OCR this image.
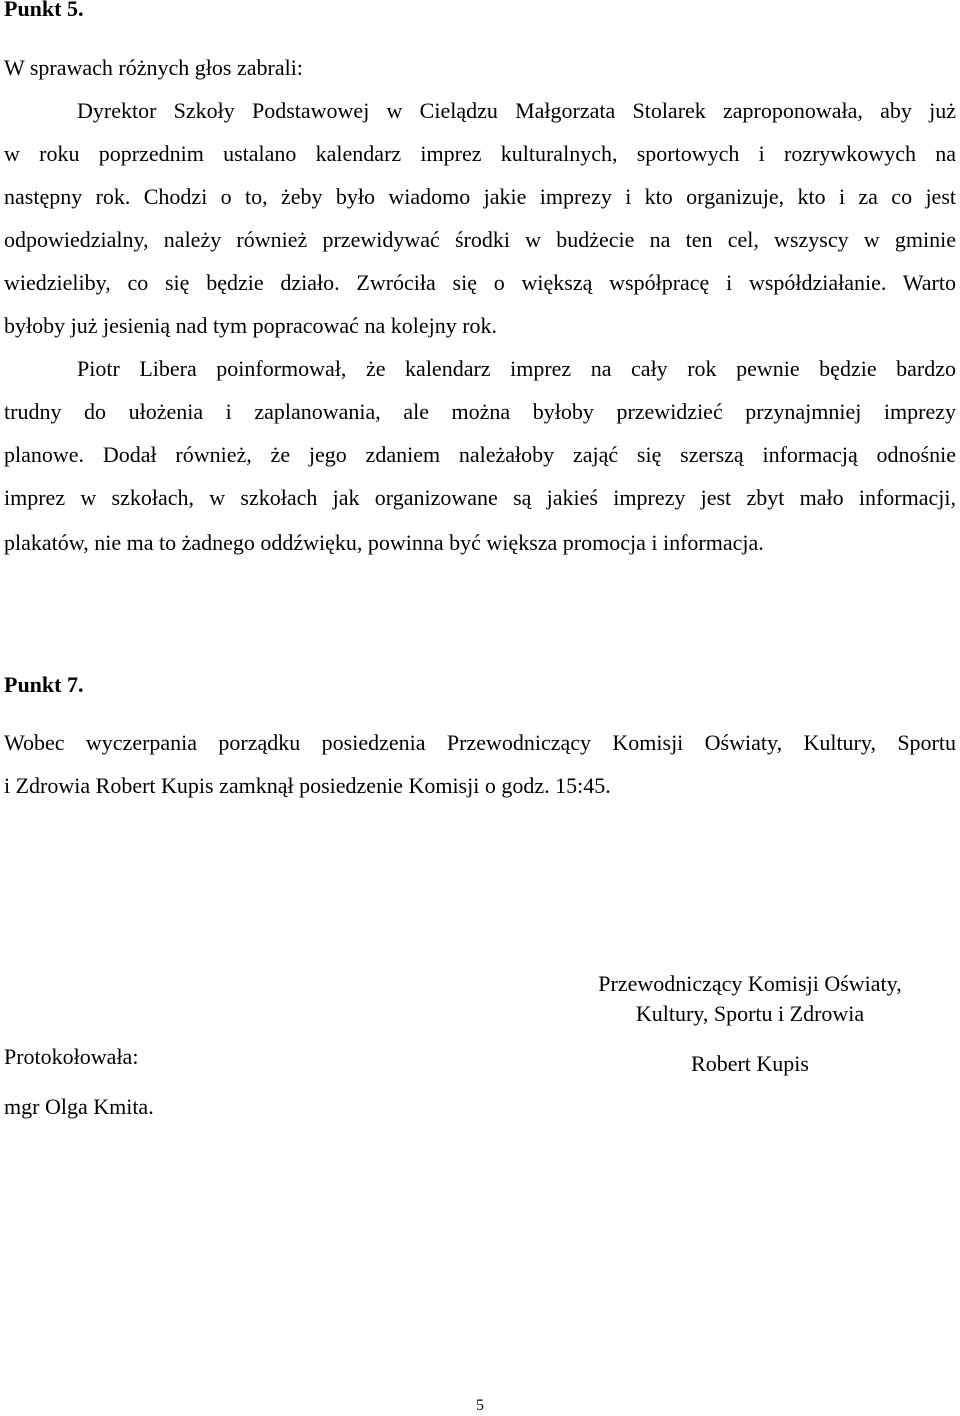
Punkt 5.
W sprawach różnych głos zabrali:
Dyrektor Szkoły Podstawowej w Cielądzu Małgorzata Stolarek zaproponowała, aby już
w roku poprzednim ustalano kalendarz imprez kulturalnych, sportowych i rozrywkowych na
następny rok. Chodzi o to, żeby było wiadomo jakie imprezy i kto organizuje, kto i za co jest
odpowiedzialny, należy również przewidywać środki w budżecie na ten cel, wszyscy w gminie
wiedzieliby, co się będzie działo. Zwróciła się o większą współpracę i współdziałanie. Warto
byłoby już jesienią nad tym popracować na kolejny rok.
Piotr Libera poinformował, że kalendarz imprez na cały rok pewnie będzie bardzo
trudny do ułożenia i zaplanowania, ale można byłoby przewidzieć przynajmniej imprezy
planowe. Dodał również, że jego zdaniem należałoby zająć się szerszą informacją odnośnie
imprez w szkołach, w szkołach jak organizowane są jakieś imprezy jest zbyt mało informacji,
plakatów, nie ma to żadnego oddźwięku, powinna być większa promocja i informacja.
Punkt 7.
Wobec wyczerpania porządku posiedzenia Przewodniczący Komisji Oświaty, Kultury, Sportu
i Zdrowia Robert Kupis zamknął posiedzenie Komisji o godz. 15:45.
Przewodniczący Komisji Oświaty,
Kultury, Sportu i Zdrowia
Robert Kupis
Protokołowała:
mgr Olga Kmita.
5
